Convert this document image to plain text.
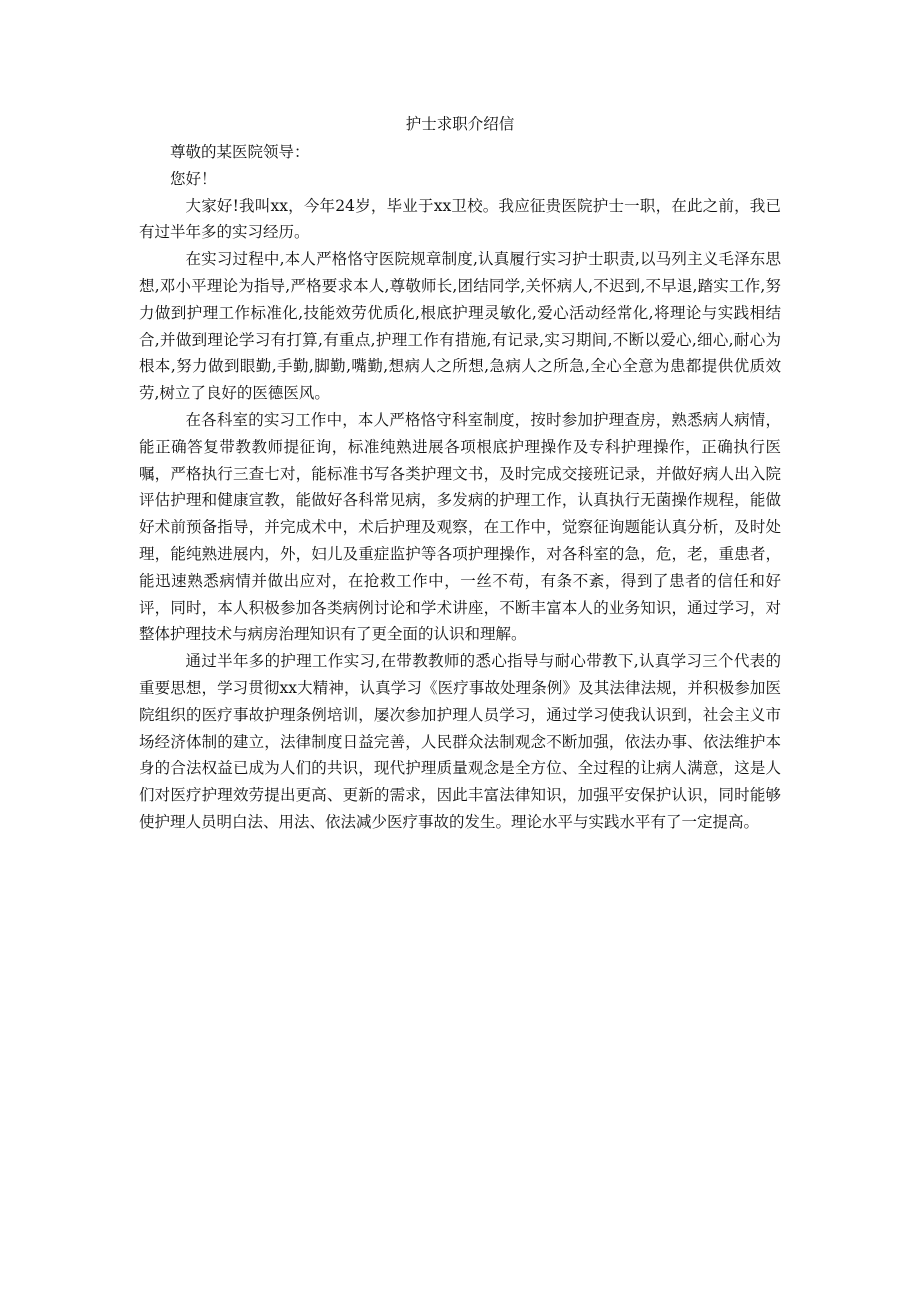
护士求职介绍信

尊敬的某医院领导：

您好！

大家好!我叫xx，今年24岁，毕业于xx卫校。我应征贵医院护士一职，在此之前，我已有过半年多的实习经历。

在实习过程中,本人严格恪守医院规章制度,认真履行实习护士职责,以马列主义毛泽东思想,邓小平理论为指导,严格要求本人,尊敬师长,团结同学,关怀病人,不迟到,不早退,踏实工作,努力做到护理工作标准化,技能效劳优质化,根底护理灵敏化,爱心活动经常化,将理论与实践相结合,并做到理论学习有打算,有重点,护理工作有措施,有记录,实习期间,不断以爱心,细心,耐心为根本,努力做到眼勤,手勤,脚勤,嘴勤,想病人之所想,急病人之所急,全心全意为患都提供优质效劳,树立了良好的医德医风。

在各科室的实习工作中，本人严格恪守科室制度，按时参加护理查房，熟悉病人病情，能正确答复带教教师提征询，标准纯熟进展各项根底护理操作及专科护理操作，正确执行医嘱，严格执行三查七对，能标准书写各类护理文书，及时完成交接班记录，并做好病人出入院评估护理和健康宣教，能做好各科常见病，多发病的护理工作，认真执行无菌操作规程，能做好术前预备指导，并完成术中，术后护理及观察，在工作中，觉察征询题能认真分析，及时处理，能纯熟进展内，外，妇儿及重症监护等各项护理操作，对各科室的急，危，老，重患者，能迅速熟悉病情并做出应对，在抢救工作中，一丝不苟，有条不紊，得到了患者的信任和好评，同时，本人积极参加各类病例讨论和学术讲座，不断丰富本人的业务知识，通过学习，对整体护理技术与病房治理知识有了更全面的认识和理解。

通过半年多的护理工作实习,在带教教师的悉心指导与耐心带教下,认真学习三个代表的重要思想，学习贯彻xx大精神，认真学习《医疗事故处理条例》及其法律法规，并积极参加医院组织的医疗事故护理条例培训，屡次参加护理人员学习，通过学习使我认识到，社会主义市场经济体制的建立，法律制度日益完善，人民群众法制观念不断加强，依法办事、依法维护本身的合法权益已成为人们的共识，现代护理质量观念是全方位、全过程的让病人满意，这是人们对医疗护理效劳提出更高、更新的需求，因此丰富法律知识，加强平安保护认识，同时能够使护理人员明白法、用法、依法减少医疗事故的发生。理论水平与实践水平有了一定提高。
